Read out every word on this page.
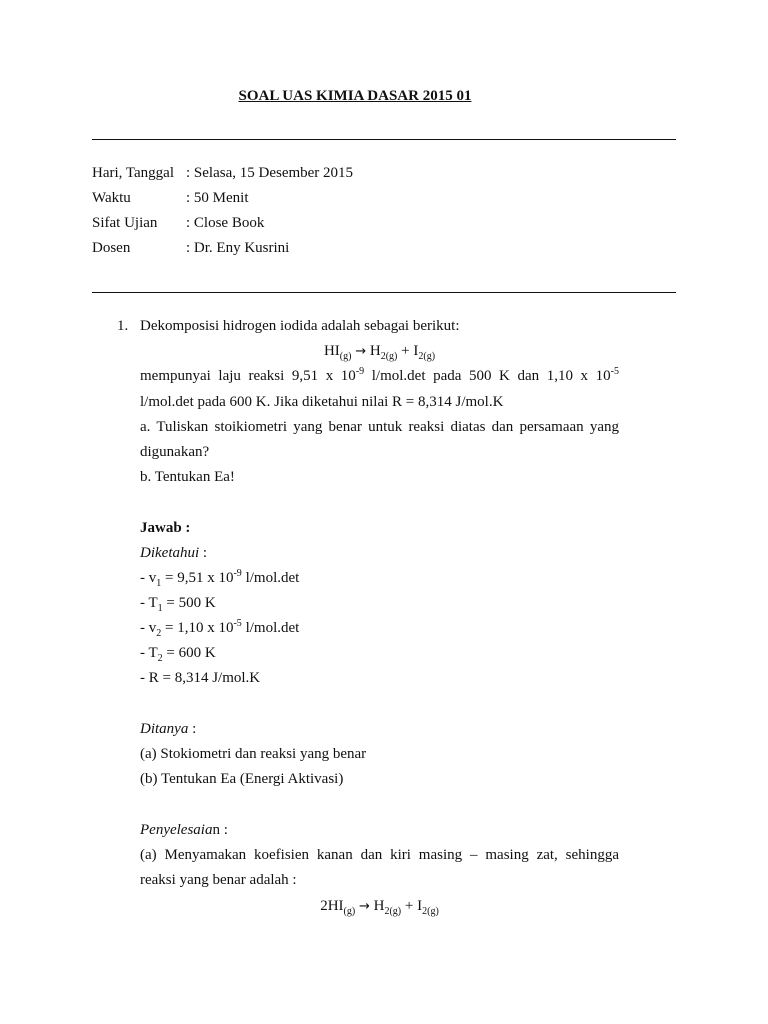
SOAL UAS KIMIA DASAR 2015 01
Hari, Tanggal : Selasa, 15 Desember 2015
Waktu	: 50 Menit
Sifat Ujian : Close Book
Dosen	: Dr. Eny Kusrini
1. Dekomposisi hidrogen iodida adalah sebagai berikut:
$HI_{(g)} \to H_{2(g)} + I_{2(g)}$
mempunyai laju reaksi 9,51 x $10^{-9}$ l/mol.det pada 500 K dan 1,10 x $10^{-5}$
l/mol.det pada 600 K. Jika diketahui nilai R = 8,314 J/mol.K
a. Tuliskan stoikiometri yang benar untuk reaksi diatas dan persamaan yang
digunakan?
b. Tentukan Ea!
Jawab :
Diketahui :
- $v_1 = 9,51$ x $10^{-9}$ l/mol.det
- $T_1 = 500$ K
- $v_2 = 1,10$ x $10^{-5}$ l/mol.det
- $T_2 = 600$ K
- R = 8,314 J/mol.K
Ditanya :
(a) Stokiometri dan reaksi yang benar
(b) Tentukan Ea (Energi Aktivasi)
Penyelesaian :
(a) Menyamakan koefisien kanan dan kiri masing – masing zat, sehingga
reaksi yang benar adalah :
$2HI_{(g)} \to H_{2(g)} + I_{2(g)}$
